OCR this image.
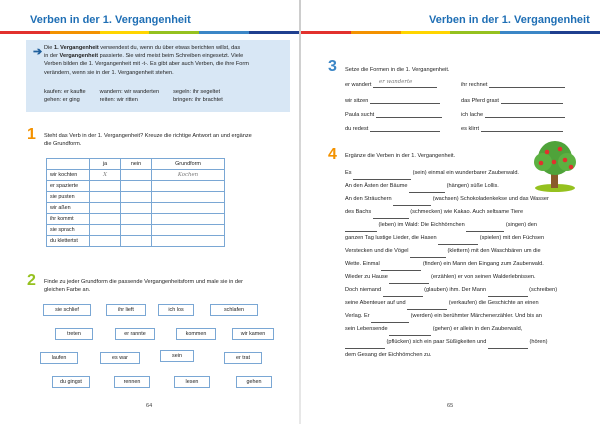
Verben in der 1. Vergangenheit
➔ Die 1. Vergangenheit verwendest du, wenn du über etwas berichten willst, das
in der Vergangenheit passierte. Sie wird meist beim Schreiben eingesetzt. Viele
Verben bilden die 1. Vergangenheit mit -t-. Es gibt aber auch Verben, die ihre Form
verändern, wenn sie in der 1. Vergangenheit stehen.

kaufen: er kaufte	wandern: wir wanderten	segeln: ihr segeltet
gehen: er ging	reiten: wir ritten	bringen: ihr brachtet
1 Steht das Verb in der 1. Vergangenheit? Kreuze die richtige Antwort an und ergänze
die Grundform.

	ja	nein	Grundform
wir kochten	X		Kochen
er spazierte			
sie pusten			
wir aßen			
ihr kommt			
sie sprach			
du klettertst			
2 Finde zu jeder Grundform die passende Vergangenheitsform und male sie in der
gleichen Farbe an.

sie schlief	ihr lieft	ich los	schlafen
treten	er rannte	kommen	wir kamen
laufen	es war	sein	er trat
du gingst	rennen	lesen	gehen
64
Verben in der 1. Vergangenheit
3 Setze die Formen in die 1. Vergangenheit.

er wandert er wanderte	ihr rechnet
wir sitzen	das Pferd grast
Paula sucht	ich lache
du redest	es klirrt
4 Ergänze die Verben in der 1. Vergangenheit.

Es	(sein) einmal ein wunderbarer Zauberwald.
An den Ästen der Bäume	(hängen) süße Lollis.
An den Sträuchern	(wachsen) Schokoladenkekse und das Wasser
des Bachs	(schmecken) wie Kakao. Auch seltsame Tiere
(leben) im Wald: Die Eichhörnchen	(singen) den
ganzen Tag lustige Lieder, die Hasen	(spielen) mit den Füchsen
Verstecken und die Vögel	(klettern) mit den Waschbären um die
Wette. Einmal	(finden) ein Mann den Eingang zum Zauberwald.
Wieder zu Hause	(erzählen) er von seinen Walderlebnissen.
Doch niemand	(glauben) ihm. Der Mann	(schreiben)
seine Abenteuer auf und	(verkaufen) die Geschichte an einen
Verlag. Er	(werden) ein berühmter Märchenerzähler. Und bis an
sein Lebensende	(gehen) er allein in den Zauberwald,
(pflücken) sich ein paar Süßigkeiten und	(hören)
dem Gesang der Eichhörnchen zu.
65
